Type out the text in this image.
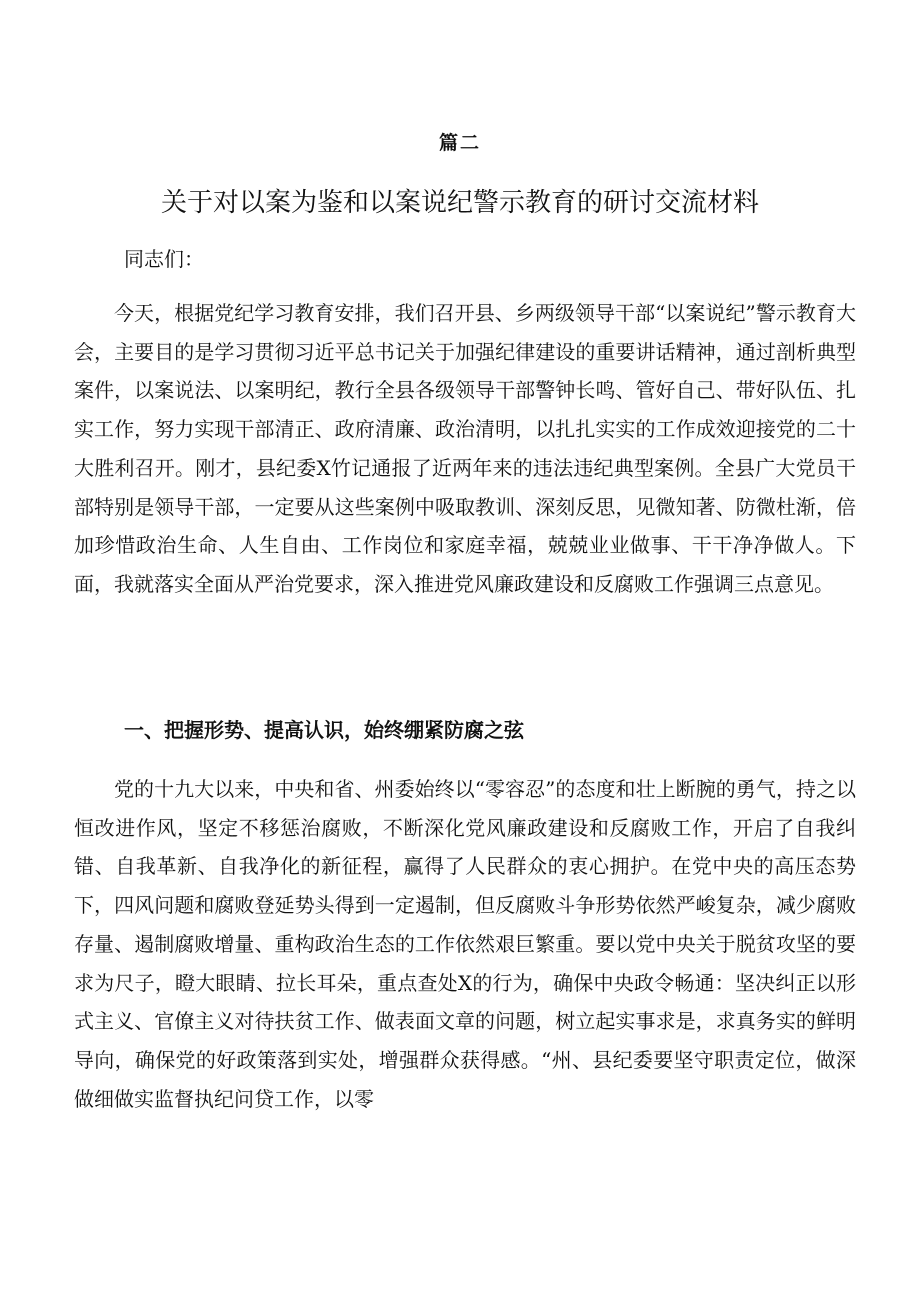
篇二
关于对以案为鉴和以案说纪警示教育的研讨交流材料
同志们：

今天，根据党纪学习教育安排，我们召开县、乡两级领导干部“以案说纪”警示教育大会，主要目的是学习贯彻习近平总书记关于加强纪律建设的重要讲话精神，通过剖析典型案件，以案说法、以案明纪，教行全县各级领导干部警钟长鸣、管好自己、带好队伍、扎实工作，努力实现干部清正、政府清廉、政治清明，以扎扎实实的工作成效迎接党的二十大胜利召开。刚才，县纪委X竹记通报了近两年来的违法违纪典型案例。全县广大党员干部特别是领导干部，一定要从这些案例中吸取教训、深刻反思，见微知著、防微杜渐，倍加珍惜政治生命、人生自由、工作岗位和家庭幸福，兢兢业业做事、干干净净做人。下面，我就落实全面从严治党要求，深入推进党风廉政建设和反腐败工作强调三点意见。

一、把握形势、提高认识，始终绷紧防腐之弦

党的十九大以来，中央和省、州委始终以“零容忍”的态度和壮上断腕的勇气，持之以恒改进作风，坚定不移惩治腐败，不断深化党风廉政建设和反腐败工作，开启了自我纠错、自我革新、自我净化的新征程，赢得了人民群众的衷心拥护。在党中央的高压态势下，四风问题和腐败登延势头得到一定遏制，但反腐败斗争形势依然严峻复杂，减少腐败存量、遏制腐败增量、重构政治生态的工作依然艰巨繁重。要以党中央关于脱贫攻坚的要求为尺子，瞪大眼睛、拉长耳朵，重点查处X的行为，确保中央政令畅通：坚决纠正以形式主义、官僚主义对待扶贫工作、做表面文章的问题，树立起实事求是，求真务实的鲜明导向，确保党的好政策落到实处，增强群众获得感。“州、县纪委要坚守职责定位，做深做细做实监督执纪问贷工作，以零
